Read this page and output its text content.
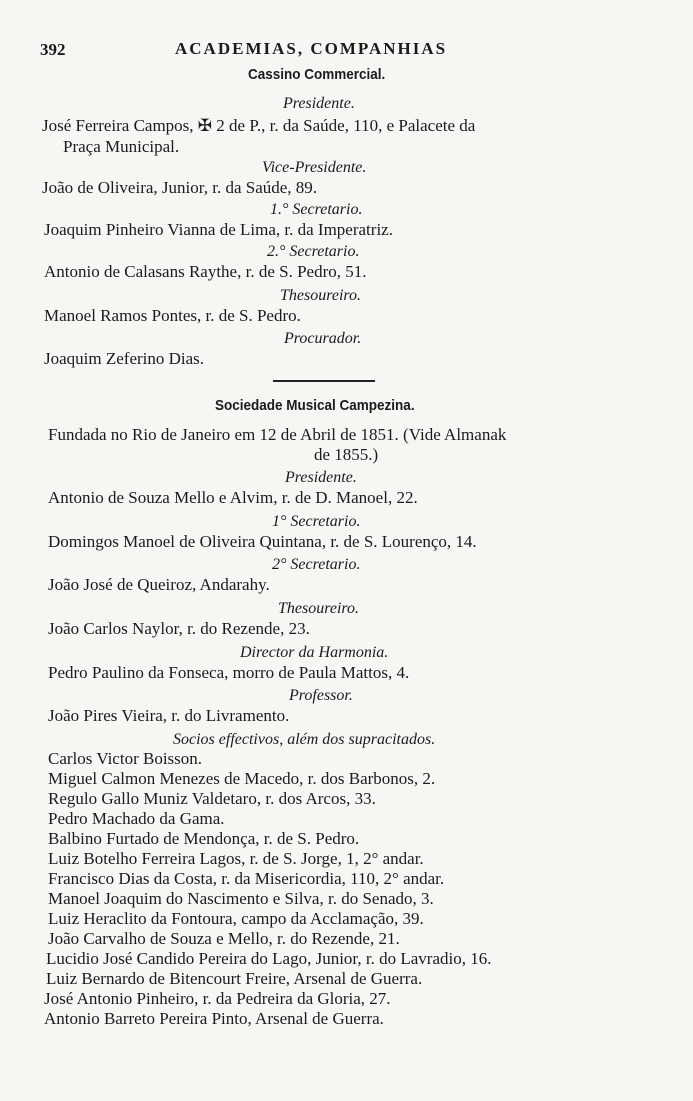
392	ACADEMIAS, COMPANHIAS
Cassino Commercial.
Presidente.
José Ferreira Campos, ✠ 2 de P., r. da Saúde, 110, e Palacete da
Praça Municipal.
Vice-Presidente.
João de Oliveira, Junior, r. da Saúde, 89.
1.° Secretario.
Joaquim Pinheiro Vianna de Lima, r. da Imperatriz.
2.° Secretario.
Antonio de Calasans Raythe, r. de S. Pedro, 51.
Thesoureiro.
Manoel Ramos Pontes, r. de S. Pedro.
Procurador.
Joaquim Zeferino Dias.
Sociedade Musical Campezina.
Fundada no Rio de Janeiro em 12 de Abril de 1851. (Vide Almanak
de 1855.)
Presidente.
Antonio de Souza Mello e Alvim, r. de D. Manoel, 22.
1° Secretario.
Domingos Manoel de Oliveira Quintana, r. de S. Lourenço, 14.
2° Secretario.
João José de Queiroz, Andarahy.
Thesoureiro.
João Carlos Naylor, r. do Rezende, 23.
Director da Harmonia.
Pedro Paulino da Fonseca, morro de Paula Mattos, 4.
Professor.
João Pires Vieira, r. do Livramento.
Socios effectivos, além dos supracitados.
Carlos Victor Boisson.
Miguel Calmon Menezes de Macedo, r. dos Barbonos, 2.
Regulo Gallo Muniz Valdetaro, r. dos Arcos, 33.
Pedro Machado da Gama.
Balbino Furtado de Mendonça, r. de S. Pedro.
Luiz Botelho Ferreira Lagos, r. de S. Jorge, 1, 2° andar.
Francisco Dias da Costa, r. da Misericordia, 110, 2° andar.
Manoel Joaquim do Nascimento e Silva, r. do Senado, 3.
Luiz Heraclito da Fontoura, campo da Acclamação, 39.
João Carvalho de Souza e Mello, r. do Rezende, 21.
Lucidio José Candido Pereira do Lago, Junior, r. do Lavradio, 16.
Luiz Bernardo de Bitencourt Freire, Arsenal de Guerra.
José Antonio Pinheiro, r. da Pedreira da Gloria, 27.
Antonio Barreto Pereira Pinto, Arsenal de Guerra.
